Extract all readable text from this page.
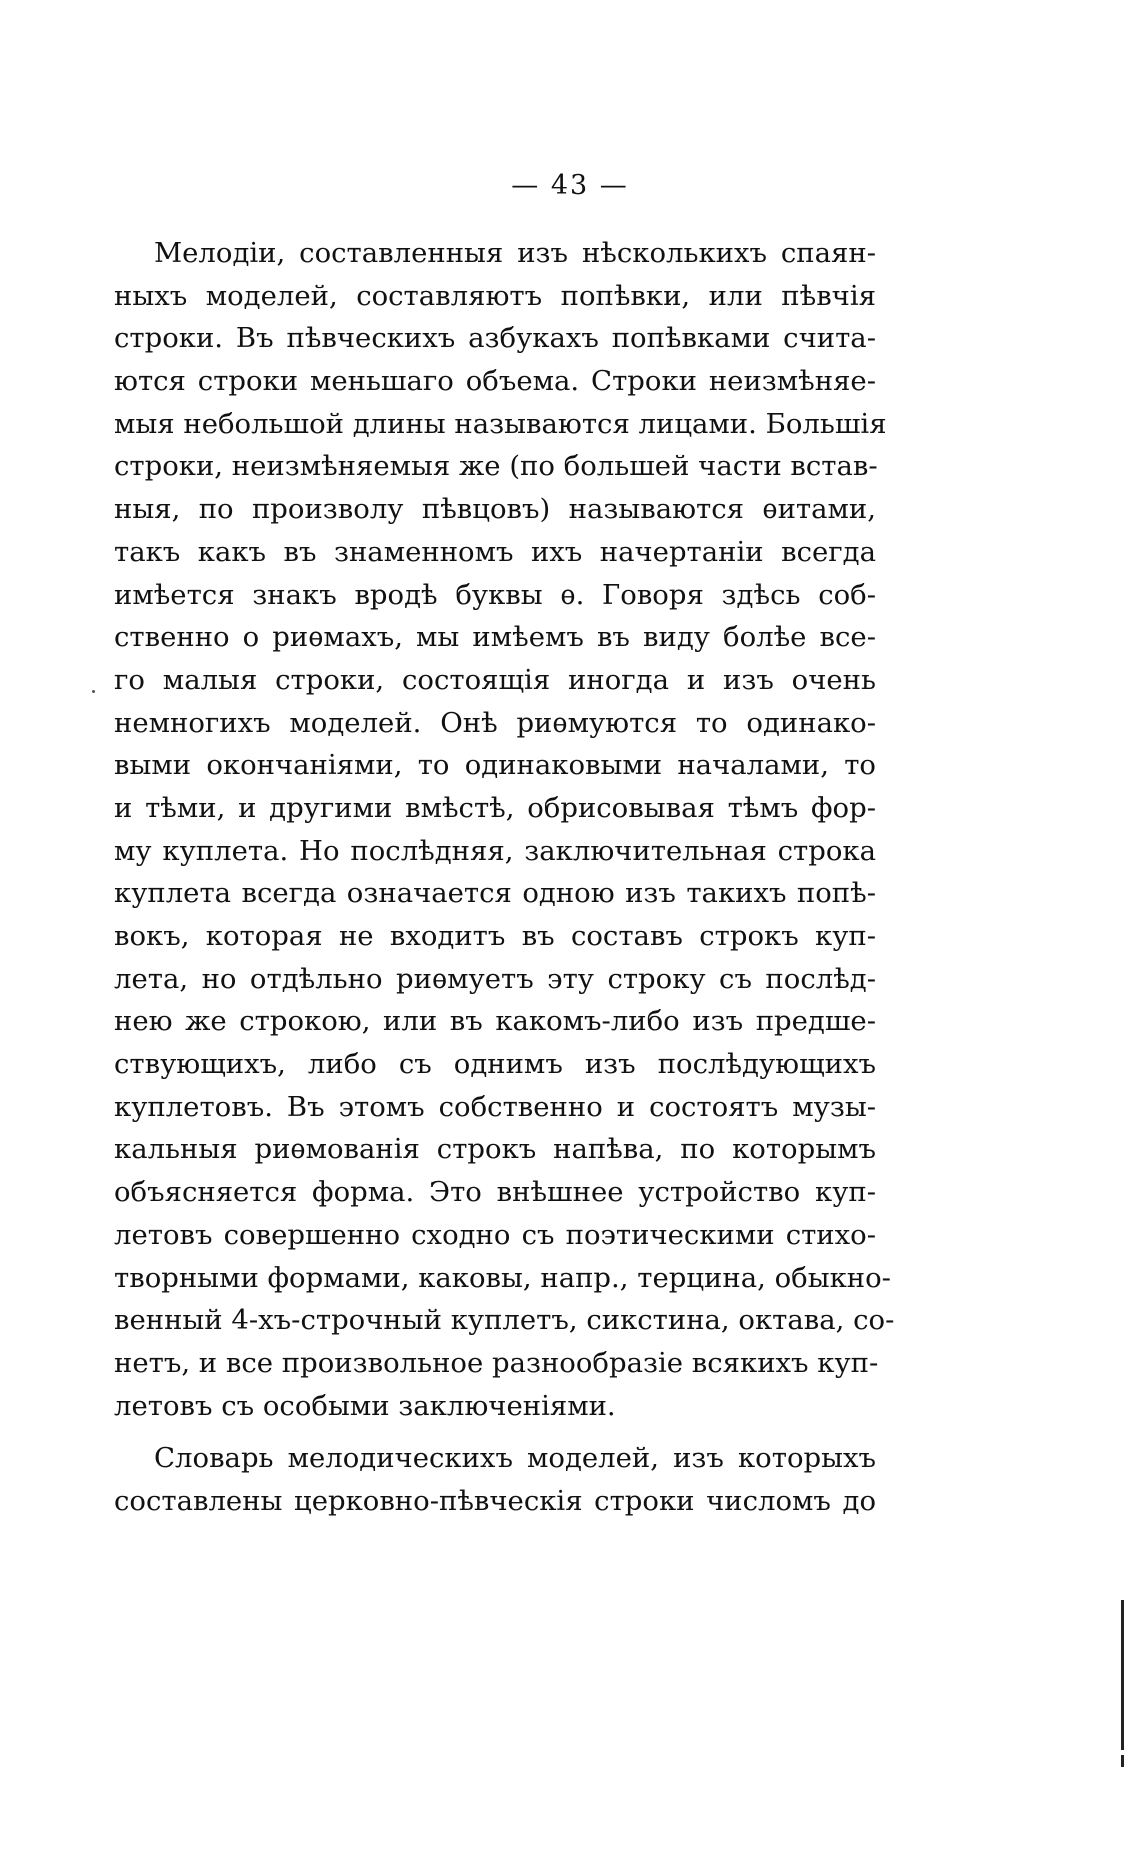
— 43 —
Мелодіи, составленныя изъ нѣсколькихъ спаян-
ныхъ моделей, составляютъ попѣвки, или пѣвчія
строки. Въ пѣвческихъ азбукахъ попѣвками счита-
ются строки меньшаго объема. Строки неизмѣняе-
мыя небольшой длины называются лицами. Большія
строки, неизмѣняемыя же (по большей части встав-
ныя, по произволу пѣвцовъ) называются ѳитами,
такъ какъ въ знаменномъ ихъ начертаніи всегда
имѣется знакъ вродѣ буквы ѳ. Говоря здѣсь соб-
ственно о риѳмахъ, мы имѣемъ въ виду болѣе все-
го малыя строки, состоящія иногда и изъ очень
немногихъ моделей. Онѣ риѳмуются то одинако-
выми окончаніями, то одинаковыми началами, то
и тѣми, и другими вмѣстѣ, обрисовывая тѣмъ фор-
му куплета. Но послѣдняя, заключительная строка
куплета всегда означается одною изъ такихъ попѣ-
вокъ, которая не входитъ въ составъ строкъ куп-
лета, но отдѣльно риѳмуетъ эту строку съ послѣд-
нею же строкою, или въ какомъ-либо изъ предше-
ствующихъ, либо съ однимъ изъ послѣдующихъ
куплетовъ. Въ этомъ собственно и состоятъ музы-
кальныя риѳмованія строкъ напѣва, по которымъ
объясняется форма. Это внѣшнее устройство куп-
летовъ совершенно сходно съ поэтическими стихо-
творными формами, каковы, напр., терцина, обыкно-
венный 4-хъ-строчный куплетъ, сикстина, октава, со-
нетъ, и все произвольное разнообразіе всякихъ куп-
летовъ съ особыми заключеніями.
Словарь мелодическихъ моделей, изъ которыхъ
составлены церковно-пѣвческія строки числомъ до
